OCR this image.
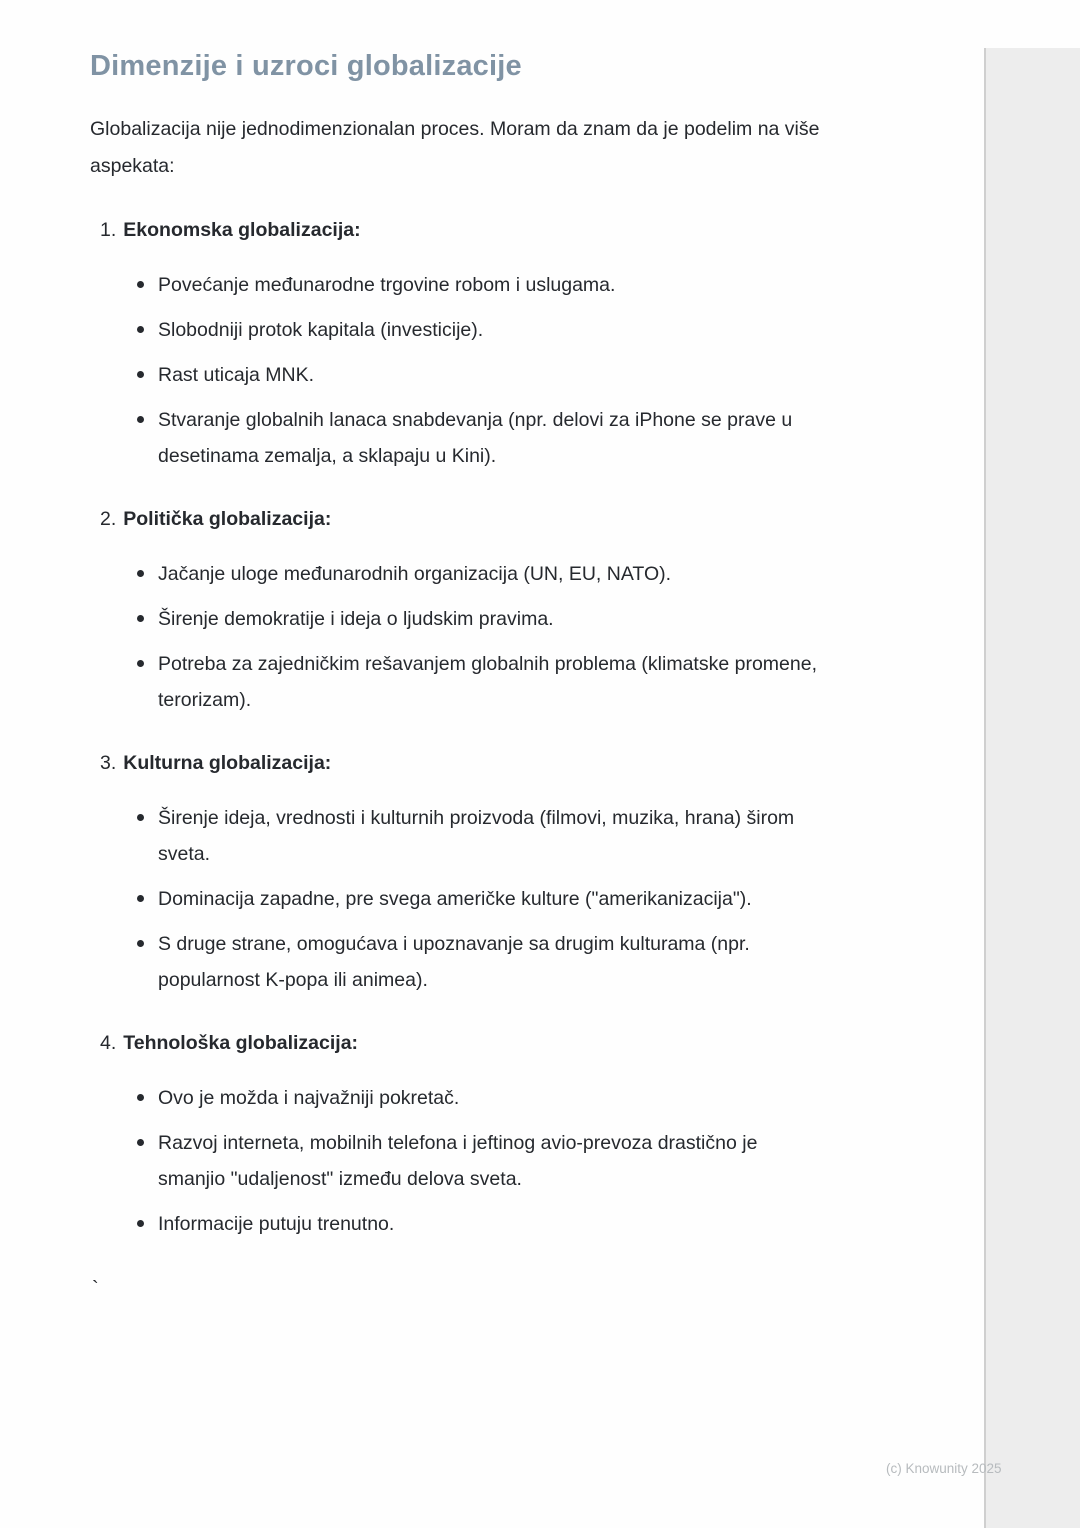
Dimenzije i uzroci globalizacije

Globalizacija nije jednodimenzionalan proces. Moram da znam da je podelim na više aspekata:

1. Ekonomska globalizacija:
Povećanje međunarodne trgovine robom i uslugama.
Slobodniji protok kapitala (investicije).
Rast uticaja MNK.
Stvaranje globalnih lanaca snabdevanja (npr. delovi za iPhone se prave u desetinama zemalja, a sklapaju u Kini).
2. Politička globalizacija:
Jačanje uloge međunarodnih organizacija (UN, EU, NATO).
Širenje demokratije i ideja o ljudskim pravima.
Potreba za zajedničkim rešavanjem globalnih problema (klimatske promene, terorizam).
3. Kulturna globalizacija:
Širenje ideja, vrednosti i kulturnih proizvoda (filmovi, muzika, hrana) širom sveta.
Dominacija zapadne, pre svega američke kulture ("amerikanizacija").
S druge strane, omogućava i upoznavanje sa drugim kulturama (npr. popularnost K-popa ili animea).
4. Tehnološka globalizacija:
Ovo je možda i najvažniji pokretač.
Razvoj interneta, mobilnih telefona i jeftinog avio-prevoza drastično je smanjio "udaljenost" između delova sveta.
Informacije putuju trenutno.

`

(c) Knowunity 2025
